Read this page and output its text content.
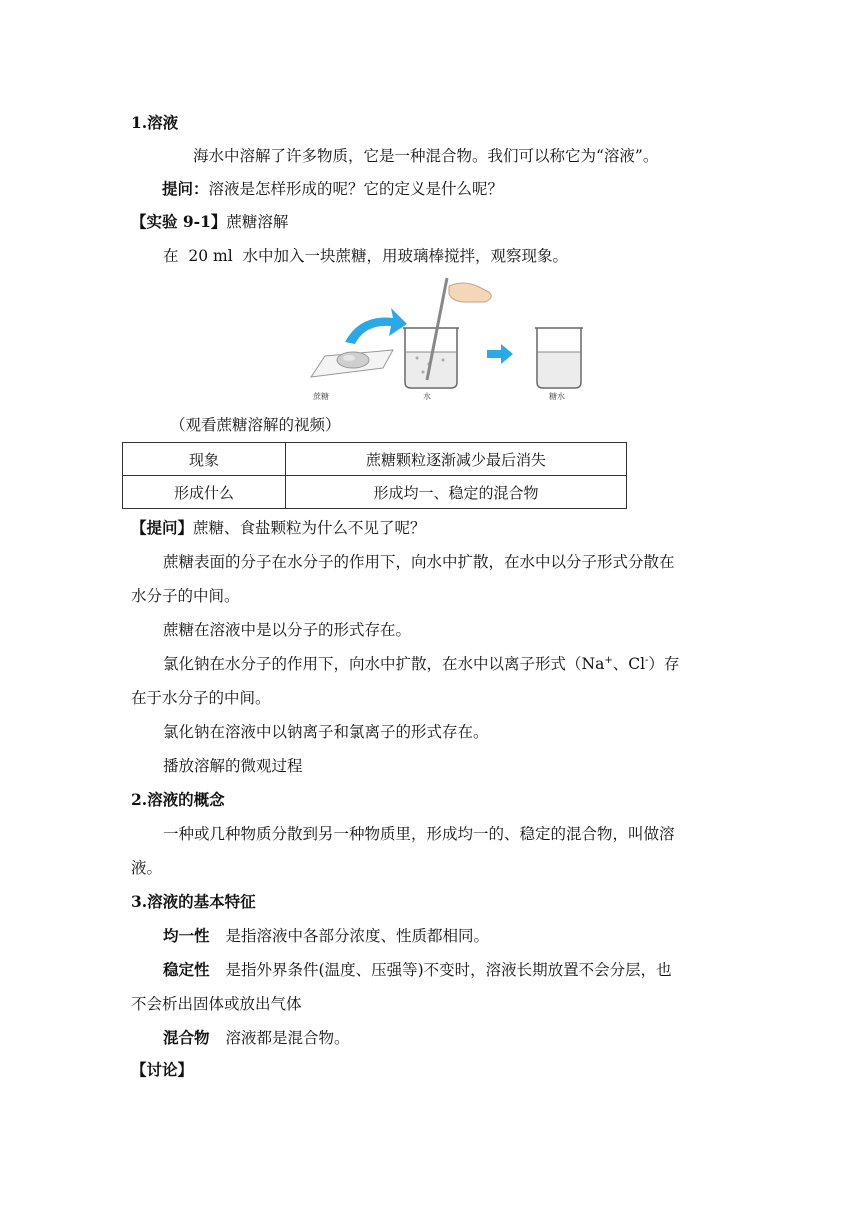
1.溶液
海水中溶解了许多物质，它是一种混合物。我们可以称它为“溶液”。
提问：溶液是怎样形成的呢？它的定义是什么呢？
【实验 9-1】蔗糖溶解
在  20 ml  水中加入一块蔗糖，用玻璃棒搅拌，观察现象。
蔗糖	水	糖水
（观看蔗糖溶解的视频）
现象	蔗糖颗粒逐渐减少最后消失
形成什么	形成均一、稳定的混合物
【提问】蔗糖、食盐颗粒为什么不见了呢？
蔗糖表面的分子在水分子的作用下，向水中扩散，在水中以分子形式分散在
水分子的中间。
蔗糖在溶液中是以分子的形式存在。
氯化钠在水分子的作用下，向水中扩散，在水中以离子形式（Na+、Cl-）存
在于水分子的中间。
氯化钠在溶液中以钠离子和氯离子的形式存在。
播放溶解的微观过程
2.溶液的概念
一种或几种物质分散到另一种物质里，形成均一的、稳定的混合物，叫做溶
液。
3.溶液的基本特征
均一性 是指溶液中各部分浓度、性质都相同。
稳定性 是指外界条件(温度、压强等)不变时，溶液长期放置不会分层，也
不会析出固体或放出气体
混合物 溶液都是混合物。
【讨论】
